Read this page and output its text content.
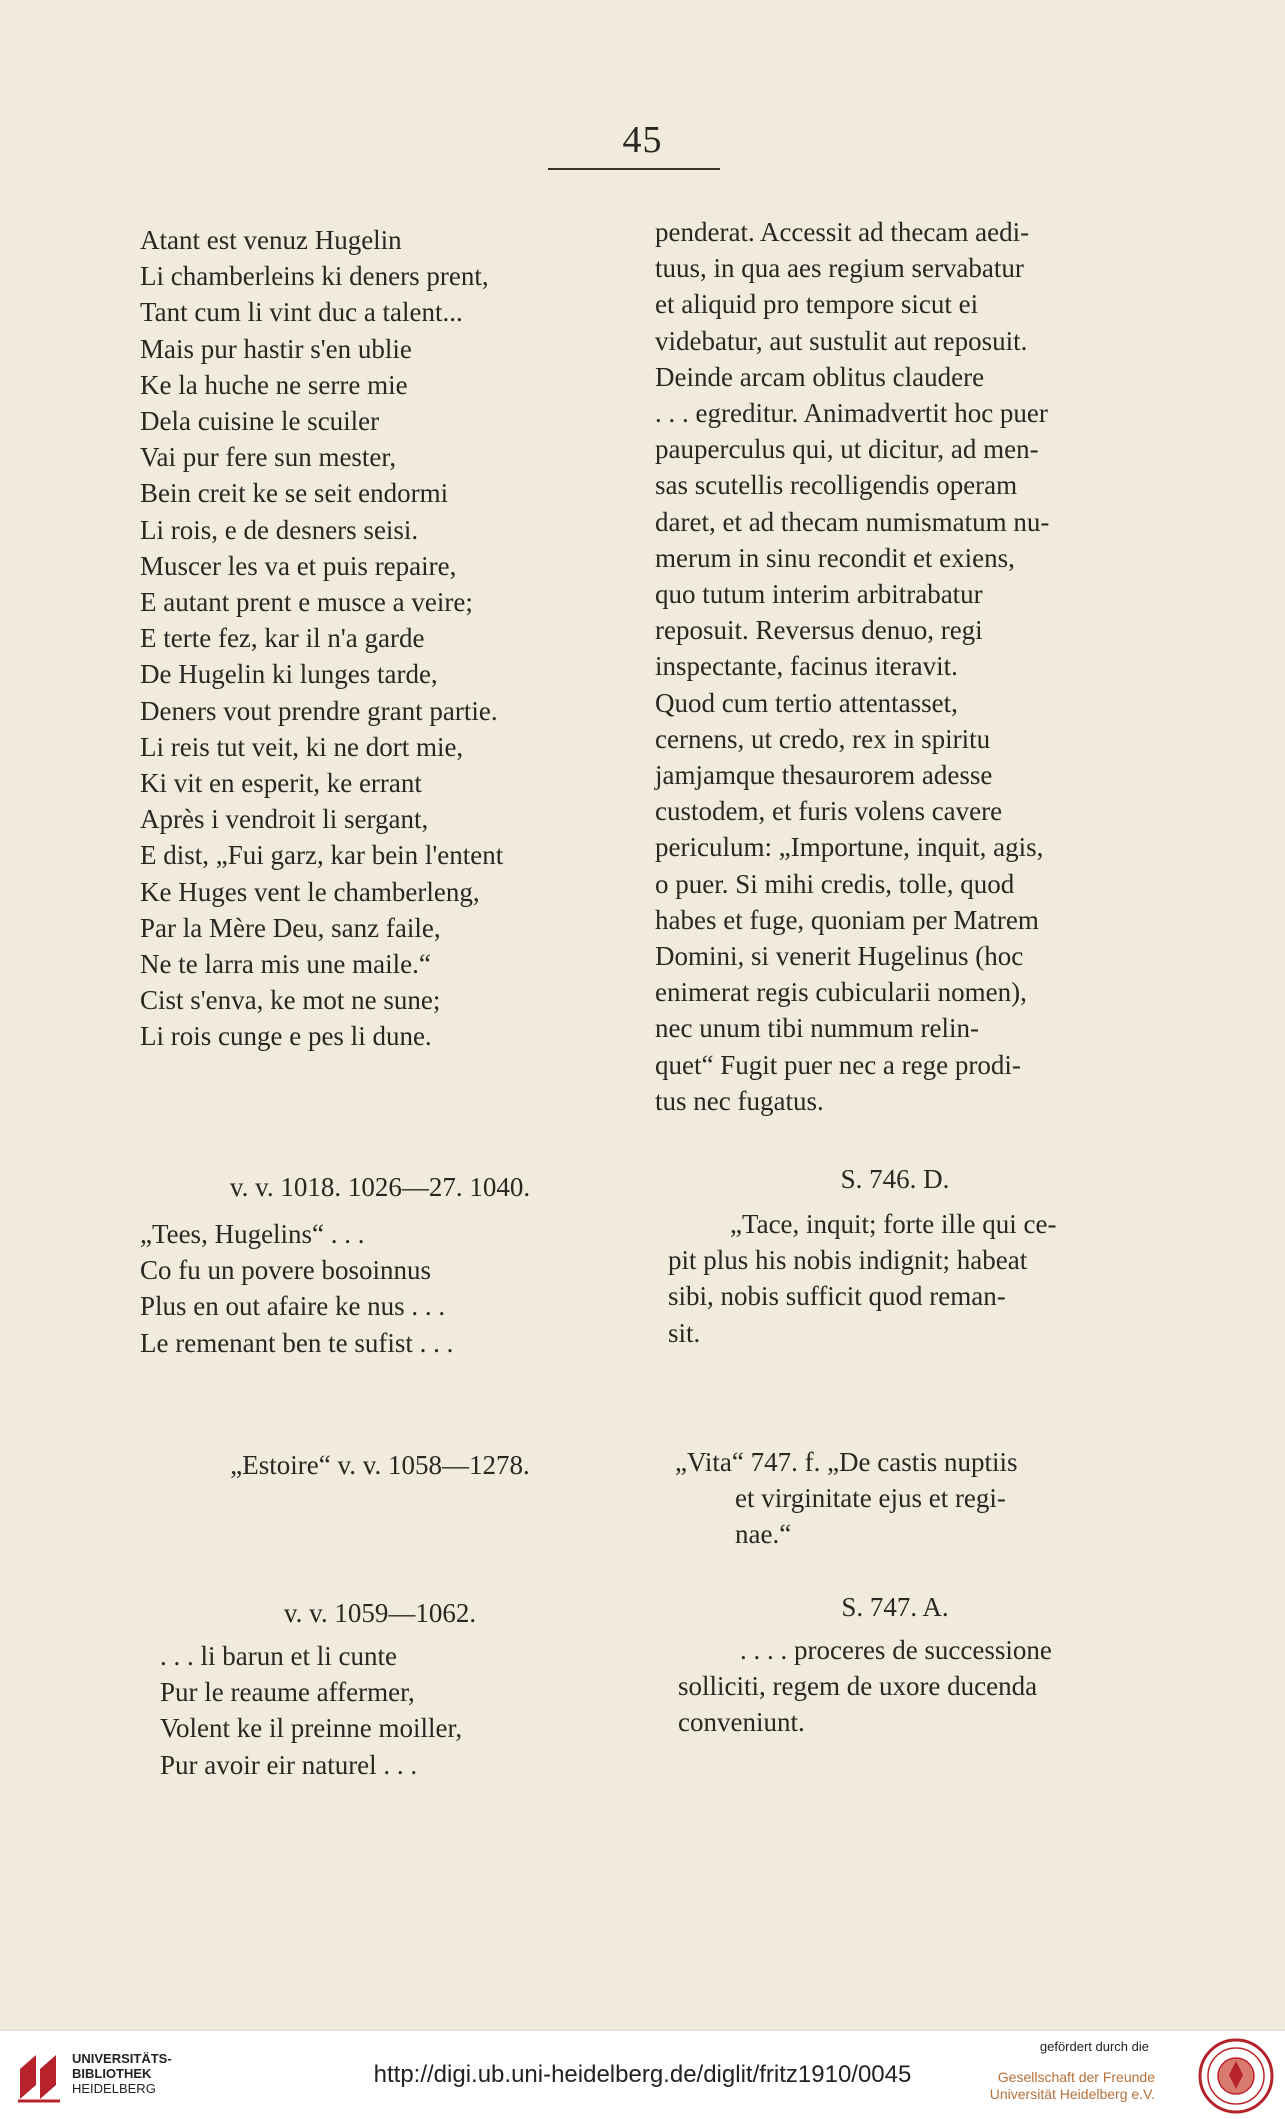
45
Atant est venuz Hugelin
Li chamberleins ki deners prent,
Tant cum li vint duc a talent...
Mais pur hastir s'en ublie
Ke la huche ne serre mie
Dela cuisine le scuiler
Vai pur fere sun mester,
Bein creit ke se seit endormi
Li rois, e de desners seisi.
Muscer les va et puis repaire,
E autant prent e musce a veire;
E terte fez, kar il n'a garde
De Hugelin ki lunges tarde,
Deners vout prendre grant partie.
Li reis tut veit, ki ne dort mie,
Ki vit en esperit, ke errant
Après i vendroit li sergant,
E dist, „Fui garz, kar bein l'entent
Ke Huges vent le chamberleng,
Par la Mère Deu, sanz faile,
Ne te larra mis une maile.“
Cist s'enva, ke mot ne sune;
Li rois cunge e pes li dune.
v. v. 1018. 1026—27. 1040.
„Tees, Hugelins“ . . .
Co fu un povere bosoinnus
Plus en out afaire ke nus . . .
Le remenant ben te sufist . . .
„Estoire“ v. v. 1058—1278.
v. v. 1059—1062.
. . . li barun et li cunte
Pur le reaume affermer,
Volent ke il preinne moiller,
Pur avoir eir naturel . . .
penderat. Accessit ad thecam aedi-
tuus, in qua aes regium servabatur
et aliquid pro tempore sicut ei
videbatur, aut sustulit aut reposuit.
Deinde arcam oblitus claudere
. . . egreditur. Animadvertit hoc puer
pauperculus qui, ut dicitur, ad men-
sas scutellis recolligendis operam
daret, et ad thecam numismatum nu-
merum in sinu recondit et exiens,
quo tutum interim arbitrabatur
reposuit. Reversus denuo, regi
inspectante, facinus iteravit.
Quod cum tertio attentasset,
cernens, ut credo, rex in spiritu
jamjamque thesaurorem adesse
custodem, et furis volens cavere
periculum: „Importune, inquit, agis,
o puer. Si mihi credis, tolle, quod
habes et fuge, quoniam per Matrem
Domini, si venerit Hugelinus (hoc
enimerat regis cubicularii nomen),
nec unum tibi nummum relin-
quet“ Fugit puer nec a rege prodi-
tus nec fugatus.
S. 746. D.
„Tace, inquit; forte ille qui ce-
pit plus his nobis indignit; habeat
sibi, nobis sufficit quod reman-
sit.
„Vita“ 747. f. „De castis nuptiis
et virginitate ejus et regi-
nae.“
S. 747. A.
. . . . proceres de successione
solliciti, regem de uxore ducenda
conveniunt.
UNIVERSITÄTS-
BIBLIOTHEK
HEIDELBERG
http://digi.ub.uni-heidelberg.de/diglit/fritz1910/0045
gefördert durch die
Gesellschaft der Freunde
Universität Heidelberg e.V.
